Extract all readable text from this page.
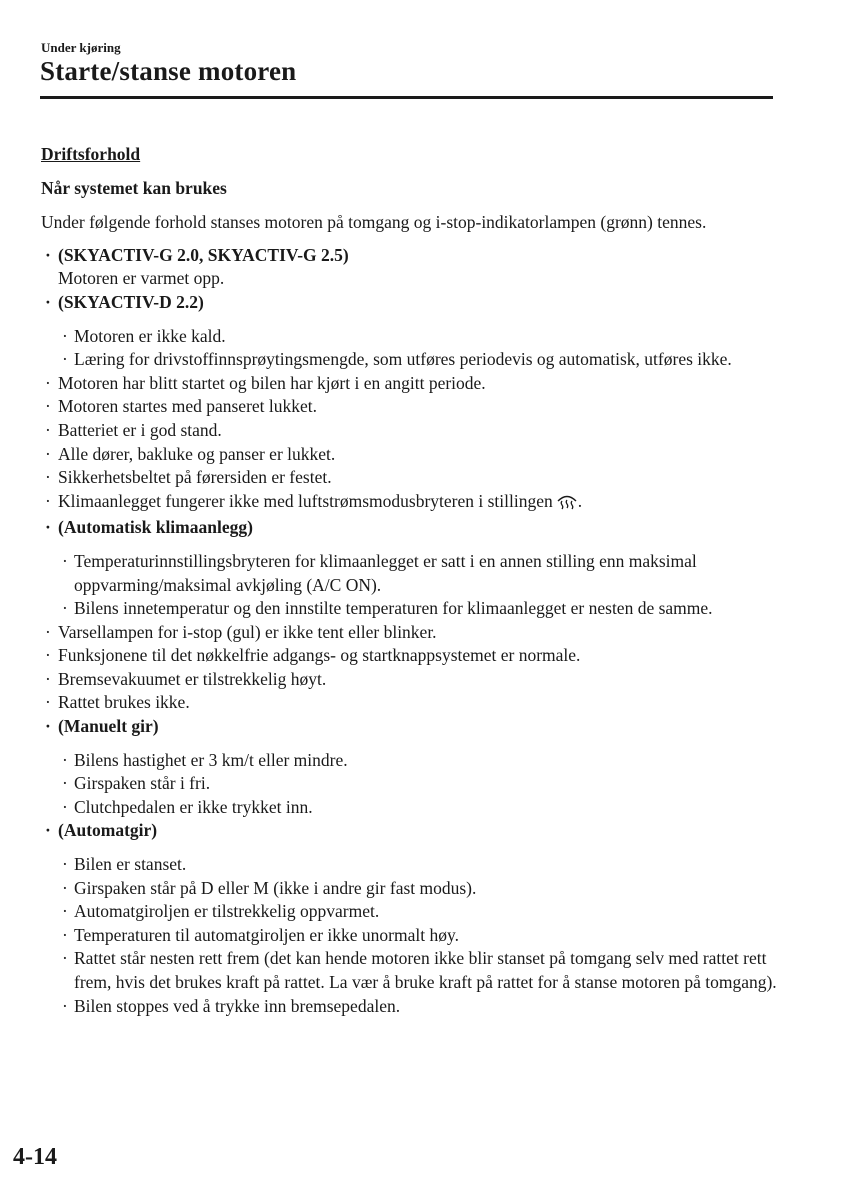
Under kjøring
Starte/stanse motoren
Driftsforhold
Når systemet kan brukes
Under følgende forhold stanses motoren på tomgang og i-stop-indikatorlampen (grønn) tennes.
· (SKYACTIV-G 2.0, SKYACTIV-G 2.5)
Motoren er varmet opp.
· (SKYACTIV-D 2.2)
· Motoren er ikke kald.
· Læring for drivstoffinnsprøytingsmengde, som utføres periodevis og automatisk, utføres ikke.
· Motoren har blitt startet og bilen har kjørt i en angitt periode.
· Motoren startes med panseret lukket.
· Batteriet er i god stand.
· Alle dører, bakluke og panser er lukket.
· Sikkerhetsbeltet på førersiden er festet.
· Klimaanlegget fungerer ikke med luftstrømsmodusbryteren i stillingen .
· (Automatisk klimaanlegg)
· Temperaturinnstillingsbryteren for klimaanlegget er satt i en annen stilling enn maksimal oppvarming/maksimal avkjøling (A/C ON).
· Bilens innetemperatur og den innstilte temperaturen for klimaanlegget er nesten de samme.
· Varsellampen for i-stop (gul) er ikke tent eller blinker.
· Funksjonene til det nøkkelfrie adgangs- og startknappsystemet er normale.
· Bremsevakuumet er tilstrekkelig høyt.
· Rattet brukes ikke.
· (Manuelt gir)
· Bilens hastighet er 3 km/t eller mindre.
· Girspaken står i fri.
· Clutchpedalen er ikke trykket inn.
· (Automatgir)
· Bilen er stanset.
· Girspaken står på D eller M (ikke i andre gir fast modus).
· Automatgiroljen er tilstrekkelig oppvarmet.
· Temperaturen til automatgiroljen er ikke unormalt høy.
· Rattet står nesten rett frem (det kan hende motoren ikke blir stanset på tomgang selv med rattet rett frem, hvis det brukes kraft på rattet. La vær å bruke kraft på rattet for å stanse motoren på tomgang).
· Bilen stoppes ved å trykke inn bremsepedalen.
4-14
